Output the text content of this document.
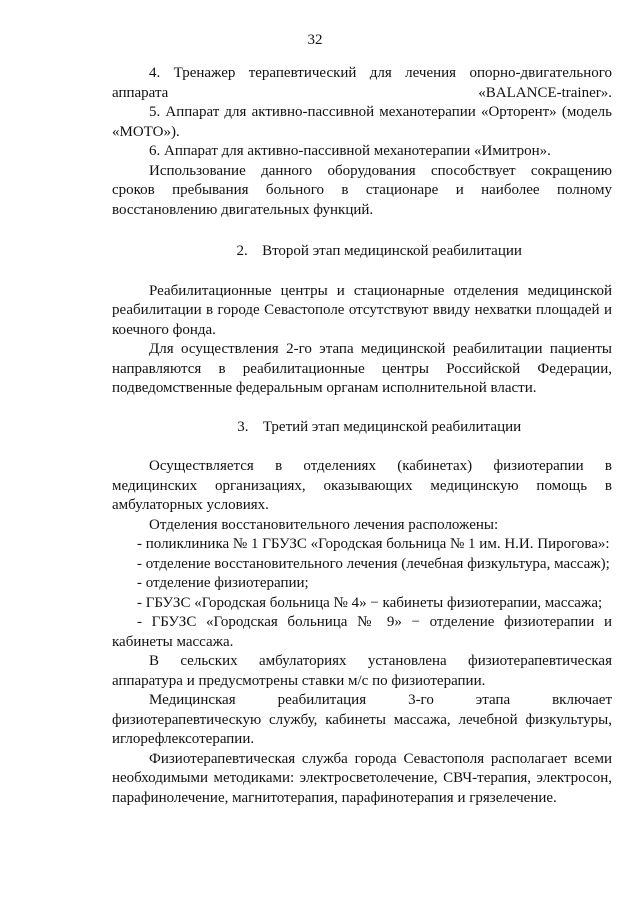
32

4. Тренажер терапевтический для лечения опорно-двигательного аппарата «BALANCE-trainer».

5. Аппарат для активно-пассивной механотерапии «Орторент» (модель «МОТО»).

6. Аппарат для активно-пассивной механотерапии «Имитрон».

Использование данного оборудования способствует сокращению сроков пребывания больного в стационаре и наиболее полному восстановлению двигательных функций.

2. Второй этап медицинской реабилитации

Реабилитационные центры и стационарные отделения медицинской реабилитации в городе Севастополе отсутствуют ввиду нехватки площадей и коечного фонда.

Для осуществления 2-го этапа медицинской реабилитации пациенты направляются в реабилитационные центры Российской Федерации, подведомственные федеральным органам исполнительной власти.

3. Третий этап медицинской реабилитации

Осуществляется в отделениях (кабинетах) физиотерапии в медицинских организациях, оказывающих медицинскую помощь в амбулаторных условиях.

Отделения восстановительного лечения расположены:

- поликлиника № 1 ГБУЗС «Городская больница № 1 им. Н.И. Пирогова»:

- отделение восстановительного лечения (лечебная физкультура, массаж);

- отделение физиотерапии;

- ГБУЗС «Городская больница № 4» − кабинеты физиотерапии, массажа;

- ГБУЗС «Городская больница № 9» − отделение физиотерапии и кабинеты массажа.

В сельских амбулаториях установлена физиотерапевтическая аппаратура и предусмотрены ставки м/с по физиотерапии.

Медицинская реабилитация 3-го этапа включает физиотерапевтическую службу, кабинеты массажа, лечебной физкультуры, иглорефлексотерапии.

Физиотерапевтическая служба города Севастополя располагает всеми необходимыми методиками: электросветолечение, СВЧ-терапия, электросон, парафинолечение, магнитотерапия, парафинотерапия и грязелечение.
